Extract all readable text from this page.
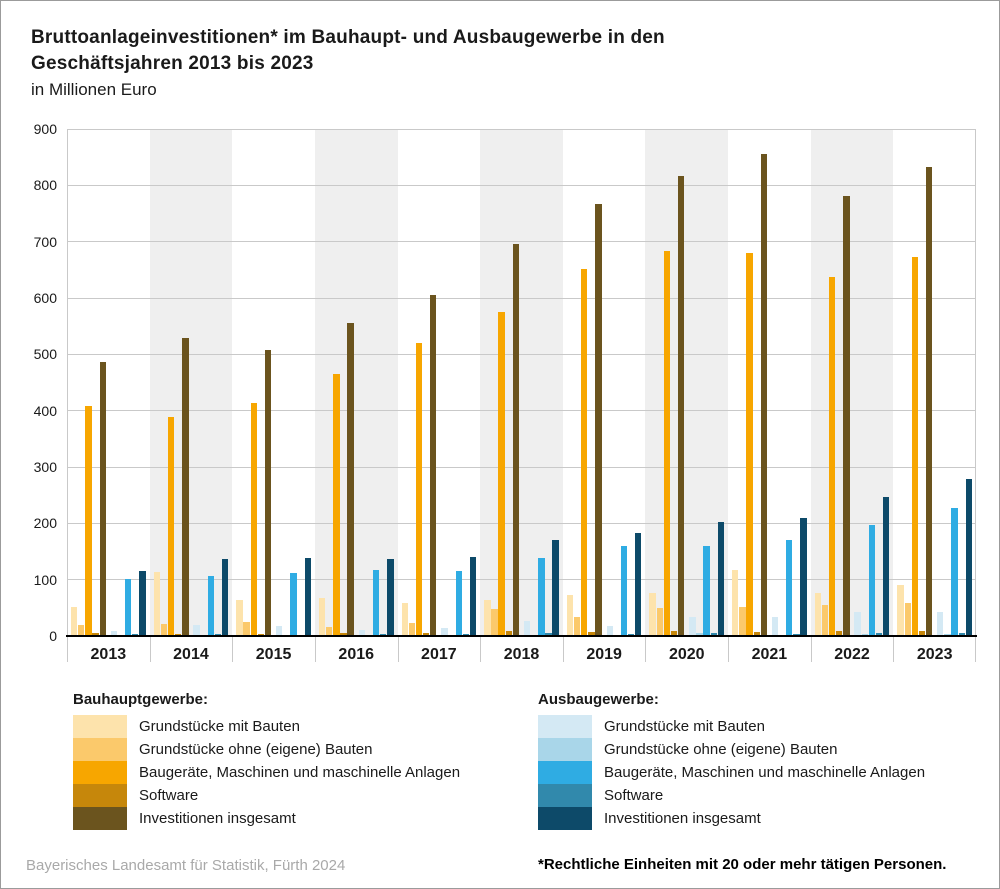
Bruttoanlageinvestitionen* im Bauhaupt- und Ausbaugewerbe in den
Geschäftsjahren 2013 bis 2023
in Millionen Euro
0
100
200
300
400
500
600
700
800
900
2013	2014	2015	2016	2017	2018	2019	2020	2021	2022	2023
Bauhauptgewerbe:
Grundstücke mit Bauten
Grundstücke ohne (eigene) Bauten
Baugeräte, Maschinen und maschinelle Anlagen
Software
Investitionen insgesamt
Ausbaugewerbe:
Grundstücke mit Bauten
Grundstücke ohne (eigene) Bauten
Baugeräte, Maschinen und maschinelle Anlagen
Software
Investitionen insgesamt
Bayerisches Landesamt für Statistik, Fürth 2024	*Rechtliche Einheiten mit 20 oder mehr tätigen Personen.
